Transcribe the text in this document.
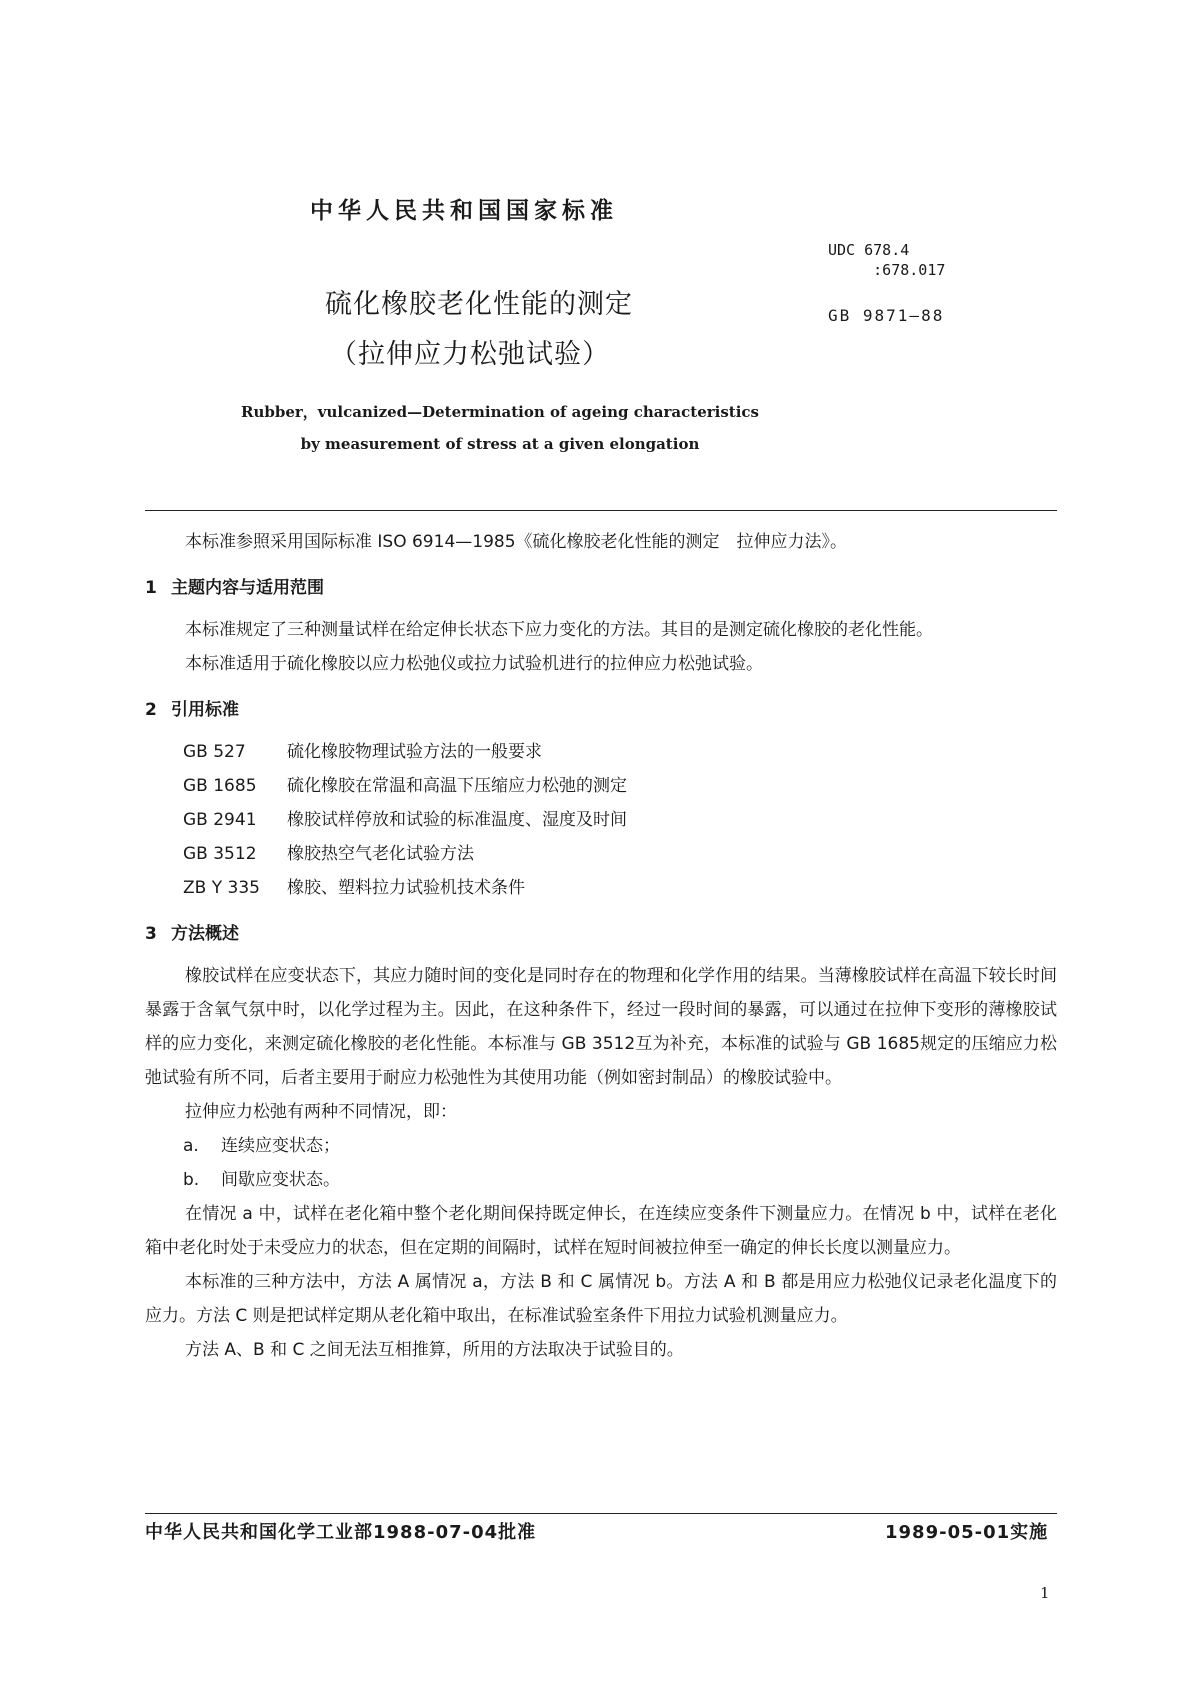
中华人民共和国国家标准
UDC 678.4
:678.017
GB 9871—88
硫化橡胶老化性能的测定
（拉伸应力松弛试验）
Rubber，vulcanized—Determination of ageing characteristics
by measurement of stress at a given elongation

本标准参照采用国际标准 ISO 6914—1985《硫化橡胶老化性能的测定　拉伸应力法》。

1 主题内容与适用范围

本标准规定了三种测量试样在给定伸长状态下应力变化的方法。其目的是测定硫化橡胶的老化性能。

本标准适用于硫化橡胶以应力松弛仪或拉力试验机进行的拉伸应力松弛试验。

2 引用标准
GB 527 硫化橡胶物理试验方法的一般要求
GB 1685 硫化橡胶在常温和高温下压缩应力松弛的测定
GB 2941 橡胶试样停放和试验的标准温度、湿度及时间
GB 3512 橡胶热空气老化试验方法
ZB Y 335 橡胶、塑料拉力试验机技术条件
3 方法概述

橡胶试样在应变状态下，其应力随时间的变化是同时存在的物理和化学作用的结果。当薄橡胶试样在高温下较长时间暴露于含氧气氛中时，以化学过程为主。因此，在这种条件下，经过一段时间的暴露，可以通过在拉伸下变形的薄橡胶试样的应力变化，来测定硫化橡胶的老化性能。本标准与 GB 3512互为补充，本标准的试验与 GB 1685规定的压缩应力松弛试验有所不同，后者主要用于耐应力松弛性为其使用功能（例如密封制品）的橡胶试验中。

拉伸应力松弛有两种不同情况，即：

a. 连续应变状态；
b. 间歇应变状态。

在情况 a 中，试样在老化箱中整个老化期间保持既定伸长，在连续应变条件下测量应力。在情况 b 中，试样在老化箱中老化时处于未受应力的状态，但在定期的间隔时，试样在短时间被拉伸至一确定的伸长长度以测量应力。

本标准的三种方法中，方法 A 属情况 a，方法 B 和 C 属情况 b。方法 A 和 B 都是用应力松弛仪记录老化温度下的应力。方法 C 则是把试样定期从老化箱中取出，在标准试验室条件下用拉力试验机测量应力。

方法 A、B 和 C 之间无法互相推算，所用的方法取决于试验目的。

中华人民共和国化学工业部1988-07-04批准	1989-05-01实施
1
